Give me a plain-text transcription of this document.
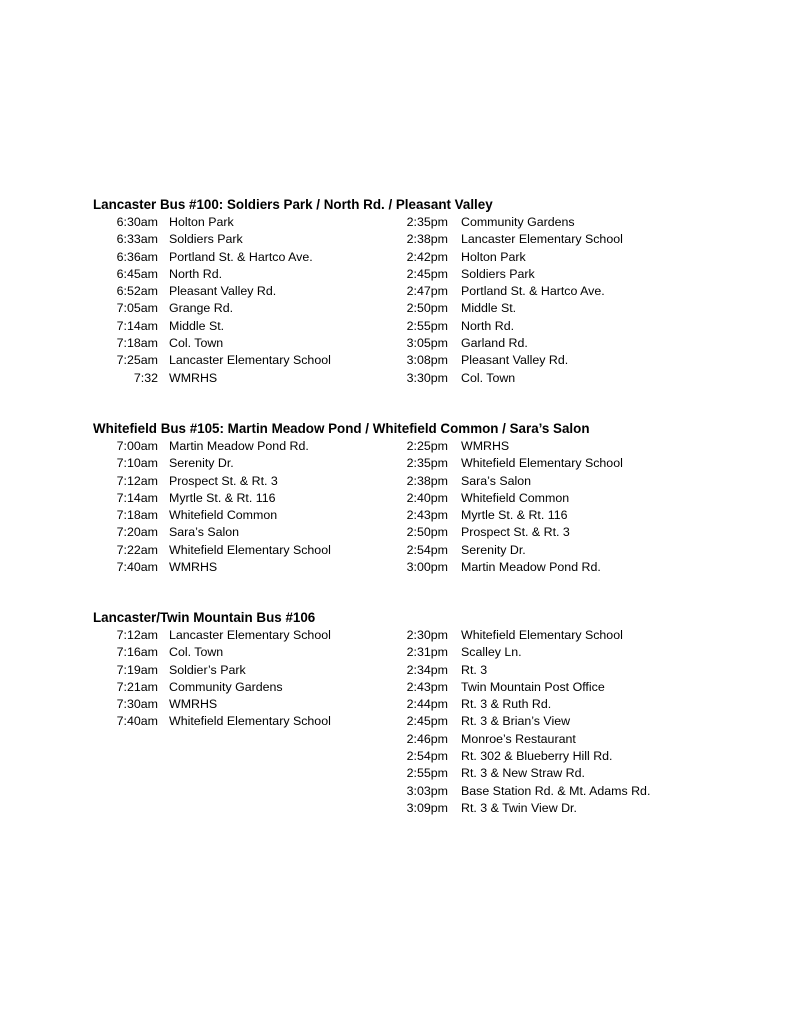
Lancaster Bus #100: Soldiers Park / North Rd. / Pleasant Valley
6:30am Holton Park
6:33am Soldiers Park
6:36am Portland St. & Hartco Ave.
6:45am North Rd.
6:52am Pleasant Valley Rd.
7:05am Grange Rd.
7:14am Middle St.
7:18am Col. Town
7:25am Lancaster Elementary School
7:32 WMRHS
2:35pm Community Gardens
2:38pm Lancaster Elementary School
2:42pm Holton Park
2:45pm Soldiers Park
2:47pm Portland St. & Hartco Ave.
2:50pm Middle St.
2:55pm North Rd.
3:05pm Garland Rd.
3:08pm Pleasant Valley Rd.
3:30pm Col. Town
Whitefield Bus #105: Martin Meadow Pond / Whitefield Common / Sara’s Salon
7:00am Martin Meadow Pond Rd.
7:10am Serenity Dr.
7:12am Prospect St. & Rt. 3
7:14am Myrtle St. & Rt. 116
7:18am Whitefield Common
7:20am Sara’s Salon
7:22am Whitefield Elementary School
7:40am WMRHS
2:25pm WMRHS
2:35pm Whitefield Elementary School
2:38pm Sara’s Salon
2:40pm Whitefield Common
2:43pm Myrtle St. & Rt. 116
2:50pm Prospect St. & Rt. 3
2:54pm Serenity Dr.
3:00pm Martin Meadow Pond Rd.
Lancaster/Twin Mountain Bus #106
7:12am Lancaster Elementary School
7:16am Col. Town
7:19am Soldier’s Park
7:21am Community Gardens
7:30am WMRHS
7:40am Whitefield Elementary School
2:30pm Whitefield Elementary School
2:31pm Scalley Ln.
2:34pm Rt. 3
2:43pm Twin Mountain Post Office
2:44pm Rt. 3 & Ruth Rd.
2:45pm Rt. 3 & Brian’s View
2:46pm Monroe’s Restaurant
2:54pm Rt. 302 & Blueberry Hill Rd.
2:55pm Rt. 3 & New Straw Rd.
3:03pm Base Station Rd. & Mt. Adams Rd.
3:09pm Rt. 3 & Twin View Dr.
